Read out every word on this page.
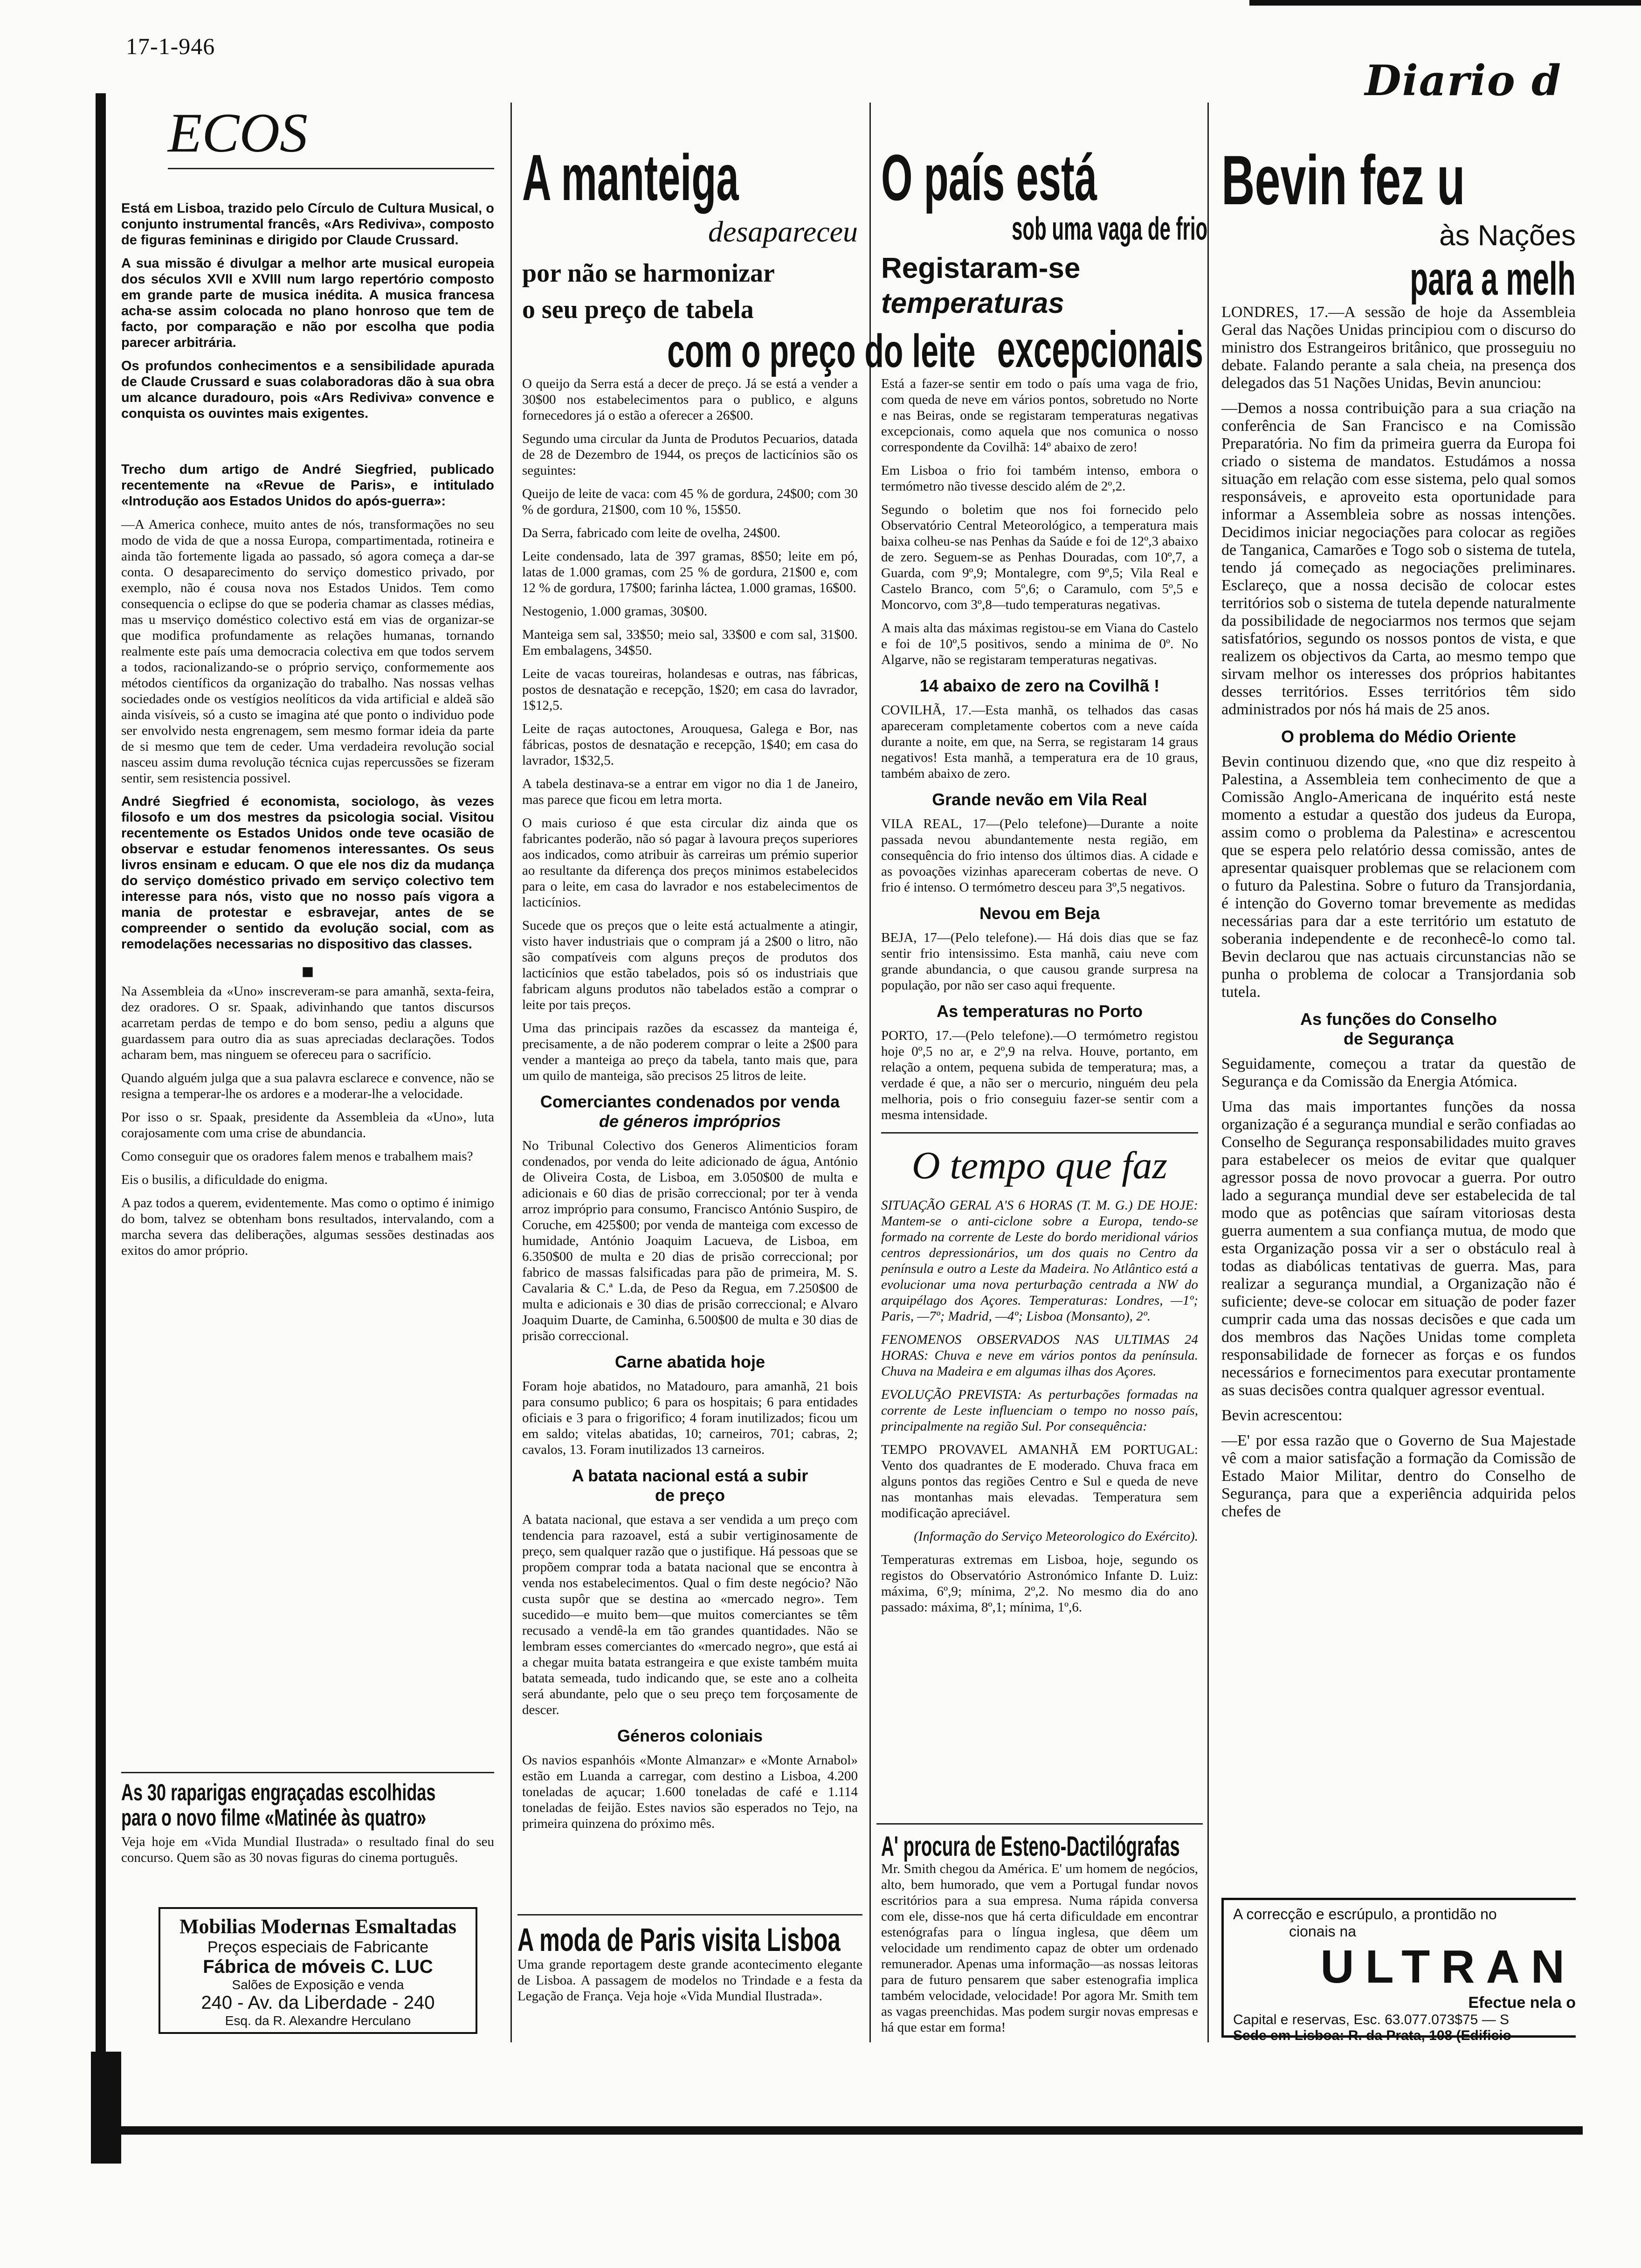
17-1-946
Diario d
ECOS

Está em Lisboa, trazido pelo Círculo de Cultura Musical, o conjunto instrumental francês, «Ars Rediviva», composto de figuras femininas e dirigido por Claude Crussard.

A sua missão é divulgar a melhor arte musical europeia dos séculos XVII e XVIII num largo repertório composto em grande parte de musica inédita. A musica francesa acha-se assim colocada no plano honroso que tem de facto, por comparação e não por escolha que podia parecer arbitrária.

Os profundos conhecimentos e a sensibilidade apurada de Claude Crussard e suas colaboradoras dão à sua obra um alcance duradouro, pois «Ars Rediviva» convence e conquista os ouvintes mais exigentes.

Trecho dum artigo de André Siegfried, publicado recentemente na «Revue de Paris», e intitulado «Introdução aos Estados Unidos do após-guerra»:

—A America conhece, muito antes de nós, transformações no seu modo de vida de que a nossa Europa, compartimentada, rotineira e ainda tão fortemente ligada ao passado, só agora começa a dar-se conta. O desaparecimento do serviço domestico privado, por exemplo, não é cousa nova nos Estados Unidos. Tem como consequencia o eclipse do que se poderia chamar as classes médias, mas u mserviço doméstico colectivo está em vias de organizar-se que modifica profundamente as relações humanas, tornando realmente este país uma democracia colectiva em que todos servem a todos, racionalizando-se o próprio serviço, conformemente aos métodos científicos da organização do trabalho. Nas nossas velhas sociedades onde os vestígios neolíticos da vida artificial e aldeã são ainda visíveis, só a custo se imagina até que ponto o individuo pode ser envolvido nesta engrenagem, sem mesmo formar ideia da parte de si mesmo que tem de ceder. Uma verdadeira revolução social nasceu assim duma revolução técnica cujas repercussões se fizeram sentir, sem resistencia possivel.

André Siegfried é economista, sociologo, às vezes filosofo e um dos mestres da psicologia social. Visitou recentemente os Estados Unidos onde teve ocasião de observar e estudar fenomenos interessantes. Os seus livros ensinam e educam. O que ele nos diz da mudança do serviço doméstico privado em serviço colectivo tem interesse para nós, visto que no nosso país vigora a mania de protestar e esbravejar, antes de se compreender o sentido da evolução social, com as remodelações necessarias no dispositivo das classes.

■

Na Assembleia da «Uno» inscreveram-se para amanhã, sexta-feira, dez oradores. O sr. Spaak, adivinhando que tantos discursos acarretam perdas de tempo e do bom senso, pediu a alguns que guardassem para outro dia as suas apreciadas declarações. Todos acharam bem, mas ninguem se ofereceu para o sacrifício.

Quando alguém julga que a sua palavra esclarece e convence, não se resigna a temperar-lhe os ardores e a moderar-lhe a velocidade.

Por isso o sr. Spaak, presidente da Assembleia da «Uno», luta corajosamente com uma crise de abundancia.

Como conseguir que os oradores falem menos e trabalhem mais?

Eis o busilis, a dificuldade do enigma.

A paz todos a querem, evidentemente. Mas como o optimo é inimigo do bom, talvez se obtenham bons resultados, intervalando, com a marcha severa das deliberações, algumas sessões destinadas aos exitos do amor próprio.

As 30 raparigas engraçadas escolhidas
para o novo filme «Matinée às quatro»

Veja hoje em «Vida Mundial Ilustrada» o resultado final do seu concurso. Quem são as 30 novas figuras do cinema português.

Mobilias Modernas Esmaltadas
Preços especiais de Fabricante
Fábrica de móveis C. LUC
Salões de Exposição e venda
240 - Av. da Liberdade - 240
Esq. da R. Alexandre Herculano
A manteiga
desapareceu
por não se harmonizar
o seu preço de tabela
com o preço do leite

O queijo da Serra está a decer de preço. Já se está a vender a 30$00 nos estabelecimentos para o publico, e alguns fornecedores já o estão a oferecer a 26$00.

Segundo uma circular da Junta de Produtos Pecuarios, datada de 28 de Dezembro de 1944, os preços de lacticínios são os seguintes:

Queijo de leite de vaca: com 45 % de gordura, 24$00; com 30 % de gordura, 21$00, com 10 %, 15$50.

Da Serra, fabricado com leite de ovelha, 24$00.

Leite condensado, lata de 397 gramas, 8$50; leite em pó, latas de 1.000 gramas, com 25 % de gordura, 21$00 e, com 12 % de gordura, 17$00; farinha láctea, 1.000 gramas, 16$00.

Nestogenio, 1.000 gramas, 30$00.

Manteiga sem sal, 33$50; meio sal, 33$00 e com sal, 31$00. Em embalagens, 34$50.

Leite de vacas toureiras, holandesas e outras, nas fábricas, postos de desnatação e recepção, 1$20; em casa do lavrador, 1$12,5.

Leite de raças autoctones, Arouquesa, Galega e Bor, nas fábricas, postos de desnatação e recepção, 1$40; em casa do lavrador, 1$32,5.

A tabela destinava-se a entrar em vigor no dia 1 de Janeiro, mas parece que ficou em letra morta.

O mais curioso é que esta circular diz ainda que os fabricantes poderão, não só pagar à lavoura preços superiores aos indicados, como atribuir às carreiras um prémio superior ao resultante da diferença dos preços minimos estabelecidos para o leite, em casa do lavrador e nos estabelecimentos de lacticínios.

Sucede que os preços que o leite está actualmente a atingir, visto haver industriais que o compram já a 2$00 o litro, não são compatíveis com alguns preços de produtos dos lacticínios que estão tabelados, pois só os industriais que fabricam alguns produtos não tabelados estão a comprar o leite por tais preços.

Uma das principais razões da escassez da manteiga é, precisamente, a de não poderem comprar o leite a 2$00 para vender a manteiga ao preço da tabela, tanto mais que, para um quilo de manteiga, são precisos 25 litros de leite.

Comerciantes condenados por venda
de géneros impróprios

No Tribunal Colectivo dos Generos Alimenticios foram condenados, por venda do leite adicionado de água, António de Oliveira Costa, de Lisboa, em 3.050$00 de multa e adicionais e 60 dias de prisão correccional; por ter à venda arroz impróprio para consumo, Francisco António Suspiro, de Coruche, em 425$00; por venda de manteiga com excesso de humidade, António Joaquim Lacueva, de Lisboa, em 6.350$00 de multa e 20 dias de prisão correccional; por fabrico de massas falsificadas para pão de primeira, M. S. Cavalaria & C.ª L.da, de Peso da Regua, em 7.250$00 de multa e adicionais e 30 dias de prisão correccional; e Alvaro Joaquim Duarte, de Caminha, 6.500$00 de multa e 30 dias de prisão correccional.

Carne abatida hoje

Foram hoje abatidos, no Matadouro, para amanhã, 21 bois para consumo publico; 6 para os hospitais; 6 para entidades oficiais e 3 para o frigorifico; 4 foram inutilizados; ficou um em saldo; vitelas abatidas, 10; carneiros, 701; cabras, 2; cavalos, 13. Foram inutilizados 13 carneiros.

A batata nacional está a subir
de preço

A batata nacional, que estava a ser vendida a um preço com tendencia para razoavel, está a subir vertiginosamente de preço, sem qualquer razão que o justifique. Há pessoas que se propõem comprar toda a batata nacional que se encontra à venda nos estabelecimentos. Qual o fim deste negócio? Não custa supôr que se destina ao «mercado negro». Tem sucedido—e muito bem—que muitos comerciantes se têm recusado a vendê-la em tão grandes quantidades. Não se lembram esses comerciantes do «mercado negro», que está ai a chegar muita batata estrangeira e que existe também muita batata semeada, tudo indicando que, se este ano a colheita será abundante, pelo que o seu preço tem forçosamente de descer.

Géneros coloniais

Os navios espanhóis «Monte Almanzar» e «Monte Arnabol» estão em Luanda a carregar, com destino a Lisboa, 4.200 toneladas de açucar; 1.600 toneladas de café e 1.114 toneladas de feijão. Estes navios são esperados no Tejo, na primeira quinzena do próximo mês.

A moda de Paris visita Lisboa

Uma grande reportagem deste grande acontecimento elegante de Lisboa. A passagem de modelos no Trindade e a festa da Legação de França. Veja hoje «Vida Mundial Ilustrada».

O país está
sob uma vaga de frio
Registaram-se
temperaturas
excepcionais

Está a fazer-se sentir em todo o país uma vaga de frio, com queda de neve em vários pontos, sobretudo no Norte e nas Beiras, onde se registaram temperaturas negativas excepcionais, como aquela que nos comunica o nosso correspondente da Covilhã: 14º abaixo de zero!

Em Lisboa o frio foi também intenso, embora o termómetro não tivesse descido além de 2º,2.

Segundo o boletim que nos foi fornecido pelo Observatório Central Meteorológico, a temperatura mais baixa colheu-se nas Penhas da Saúde e foi de 12º,3 abaixo de zero. Seguem-se as Penhas Douradas, com 10º,7, a Guarda, com 9º,9; Montalegre, com 9º,5; Vila Real e Castelo Branco, com 5º,6; o Caramulo, com 5º,5 e Moncorvo, com 3º,8—tudo temperaturas negativas.

A mais alta das máximas registou-se em Viana do Castelo e foi de 10º,5 positivos, sendo a minima de 0º. No Algarve, não se registaram temperaturas negativas.

14 abaixo de zero na Covilhã !

COVILHÃ, 17.—Esta manhã, os telhados das casas apareceram completamente cobertos com a neve caída durante a noite, em que, na Serra, se registaram 14 graus negativos! Esta manhã, a temperatura era de 10 graus, também abaixo de zero.

Grande nevão em Vila Real

VILA REAL, 17—(Pelo telefone)—Durante a noite passada nevou abundantemente nesta região, em consequência do frio intenso dos últimos dias. A cidade e as povoações vizinhas apareceram cobertas de neve. O frio é intenso. O termómetro desceu para 3º,5 negativos.

Nevou em Beja

BEJA, 17—(Pelo telefone).— Há dois dias que se faz sentir frio intensissimo. Esta manhã, caiu neve com grande abundancia, o que causou grande surpresa na população, por não ser caso aqui frequente.

As temperaturas no Porto

PORTO, 17.—(Pelo telefone).—O termómetro registou hoje 0º,5 no ar, e 2º,9 na relva. Houve, portanto, em relação a ontem, pequena subida de temperatura; mas, a verdade é que, a não ser o mercurio, ninguém deu pela melhoria, pois o frio conseguiu fazer-se sentir com a mesma intensidade.

O tempo que faz

SITUAÇÃO GERAL A'S 6 HORAS (T. M. G.) DE HOJE: Mantem-se o anti-ciclone sobre a Europa, tendo-se formado na corrente de Leste do bordo meridional vários centros depressionários, um dos quais no Centro da península e outro a Leste da Madeira. No Atlântico está a evolucionar uma nova perturbação centrada a NW do arquipélago dos Açores. Temperaturas: Londres, —1º; Paris, —7º; Madrid, —4º; Lisboa (Monsanto), 2º.

FENOMENOS OBSERVADOS NAS ULTIMAS 24 HORAS: Chuva e neve em vários pontos da península. Chuva na Madeira e em algumas ilhas dos Açores.

EVOLUÇÃO PREVISTA: As perturbações formadas na corrente de Leste influenciam o tempo no nosso país, principalmente na região Sul. Por consequência:

TEMPO PROVAVEL AMANHÃ EM PORTUGAL: Vento dos quadrantes de E moderado. Chuva fraca em alguns pontos das regiões Centro e Sul e queda de neve nas montanhas mais elevadas. Temperatura sem modificação apreciável.

(Informação do Serviço Meteorologico do Exército).

Temperaturas extremas em Lisboa, hoje, segundo os registos do Observatório Astronómico Infante D. Luiz: máxima, 6º,9; mínima, 2º,2. No mesmo dia do ano passado: máxima, 8º,1; mínima, 1º,6.

A' procura de Esteno-Dactilógrafas

Mr. Smith chegou da América. E' um homem de negócios, alto, bem humorado, que vem a Portugal fundar novos escritórios para a sua empresa. Numa rápida conversa com ele, disse-nos que há certa dificuldade em encontrar estenógrafas para o língua inglesa, que dêem um velocidade um rendimento capaz de obter um ordenado remunerador. Apenas uma informação—as nossas leitoras para de futuro pensarem que saber estenografia implica também velocidade, velocidade! Por agora Mr. Smith tem as vagas preenchidas. Mas podem surgir novas empresas e há que estar em forma!

Bevin fez u
às Nações
para a melh

LONDRES, 17.—A sessão de hoje da Assembleia Geral das Nações Unidas principiou com o discurso do ministro dos Estrangeiros britânico, que prosseguiu no debate. Falando perante a sala cheia, na presença dos delegados das 51 Nações Unidas, Bevin anunciou:

—Demos a nossa contribuição para a sua criação na conferência de San Francisco e na Comissão Preparatória. No fim da primeira guerra da Europa foi criado o sistema de mandatos. Estudámos a nossa situação em relação com esse sistema, pelo qual somos responsáveis, e aproveito esta oportunidade para informar a Assembleia sobre as nossas intenções. Decidimos iniciar negociações para colocar as regiões de Tanganica, Camarões e Togo sob o sistema de tutela, tendo já começado as negociações preliminares. Esclareço, que a nossa decisão de colocar estes territórios sob o sistema de tutela depende naturalmente da possibilidade de negociarmos nos termos que sejam satisfatórios, segundo os nossos pontos de vista, e que realizem os objectivos da Carta, ao mesmo tempo que sirvam melhor os interesses dos próprios habitantes desses territórios. Esses territórios têm sido administrados por nós há mais de 25 anos.

O problema do Médio Oriente

Bevin continuou dizendo que, «no que diz respeito à Palestina, a Assembleia tem conhecimento de que a Comissão Anglo-Americana de inquérito está neste momento a estudar a questão dos judeus da Europa, assim como o problema da Palestina» e acrescentou que se espera pelo relatório dessa comissão, antes de apresentar quaisquer problemas que se relacionem com o futuro da Palestina. Sobre o futuro da Transjordania, é intenção do Governo tomar brevemente as medidas necessárias para dar a este território um estatuto de soberania independente e de reconhecê-lo como tal. Bevin declarou que nas actuais circunstancias não se punha o problema de colocar a Transjordania sob tutela.

As funções do Conselho
de Segurança

Seguidamente, começou a tratar da questão de Segurança e da Comissão da Energia Atómica.

Uma das mais importantes funções da nossa organização é a segurança mundial e serão confiadas ao Conselho de Segurança responsabilidades muito graves para estabelecer os meios de evitar que qualquer agressor possa de novo provocar a guerra. Por outro lado a segurança mundial deve ser estabelecida de tal modo que as potências que saíram vitoriosas desta guerra aumentem a sua confiança mutua, de modo que esta Organização possa vir a ser o obstáculo real à todas as diabólicas tentativas de guerra. Mas, para realizar a segurança mundial, a Organização não é suficiente; deve-se colocar em situação de poder fazer cumprir cada uma das nossas decisões e que cada um dos membros das Nações Unidas tome completa responsabilidade de fornecer as forças e os fundos necessários e fornecimentos para executar prontamente as suas decisões contra qualquer agressor eventual.

Bevin acrescentou:

—E' por essa razão que o Governo de Sua Majestade vê com a maior satisfação a formação da Comissão de Estado Maior Militar, dentro do Conselho de Segurança, para que a experiência adquirida pelos chefes de

A correcção e escrúpulo, a prontidão no
cionais na
ULTRAN
Efectue nela o
Capital e reservas, Esc. 63.077.073$75 — S
Sede em Lisboa: R. da Prata, 108 (Edificio
